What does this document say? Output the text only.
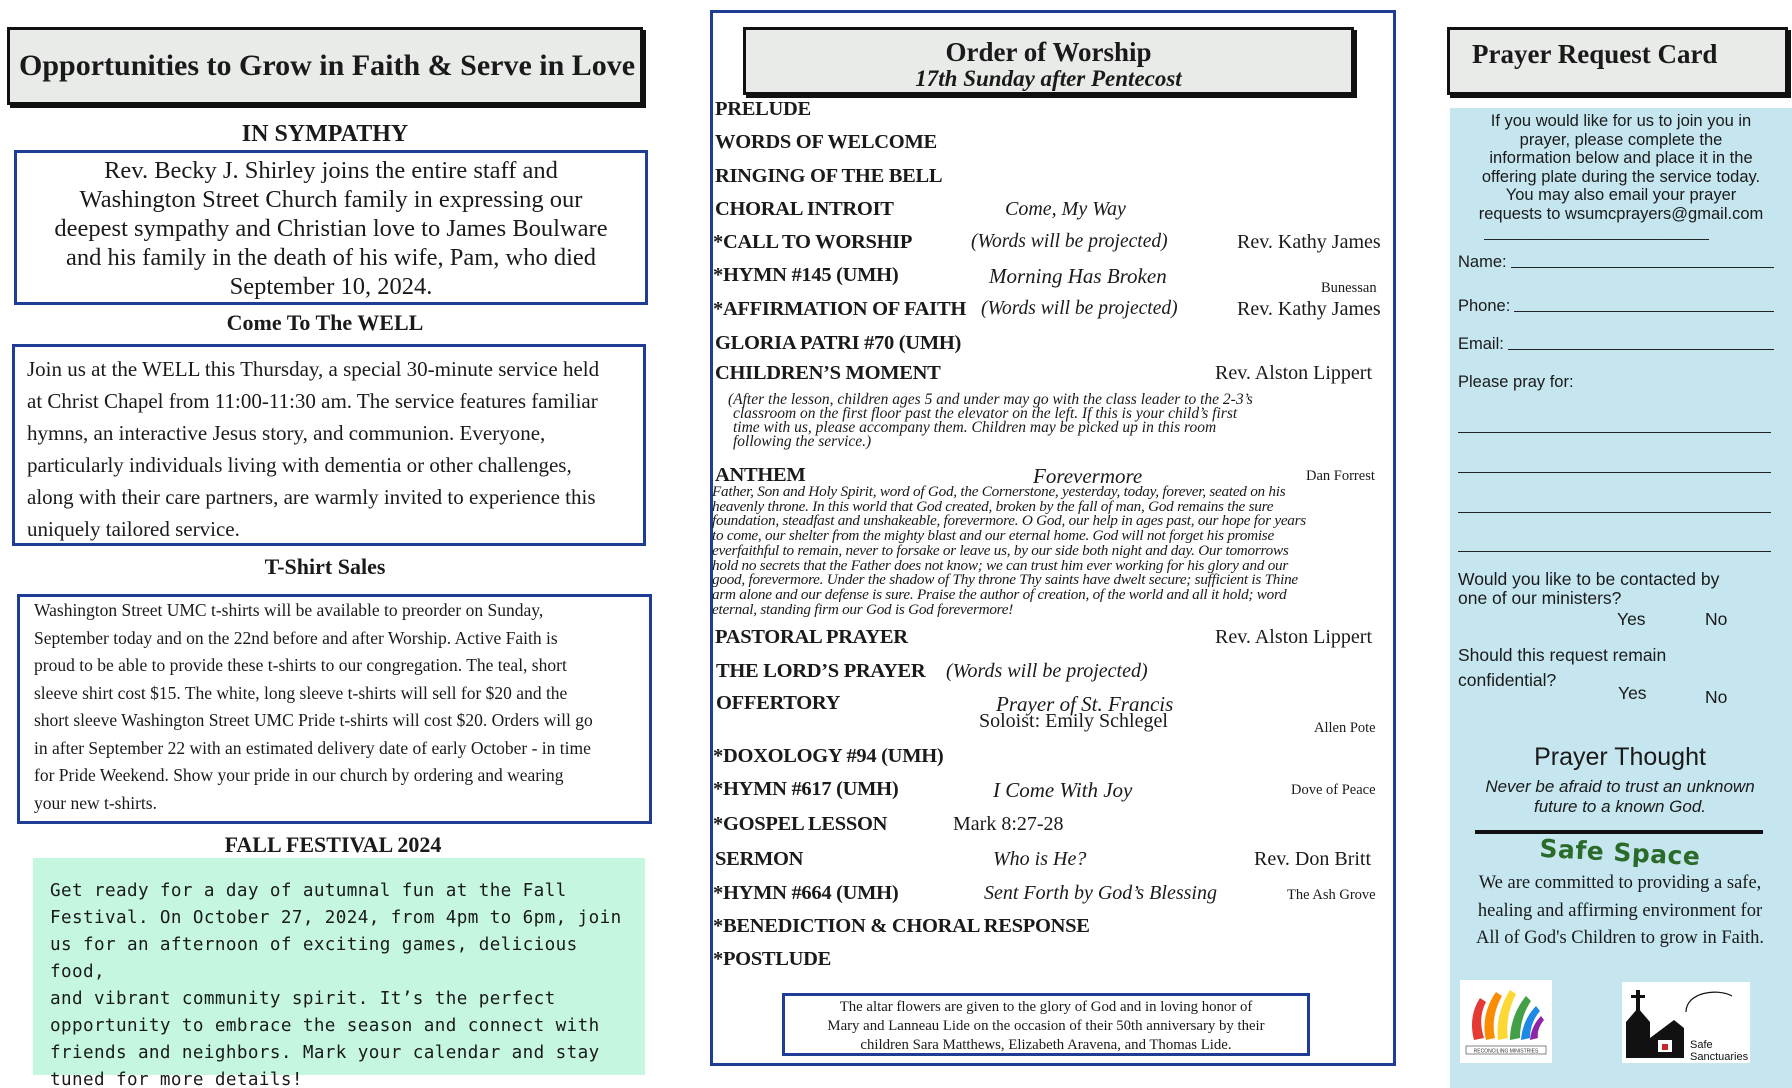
Opportunities to Grow in Faith & Serve in Love
IN SYMPATHY
Rev. Becky J. Shirley joins the entire staff and
Washington Street Church family in expressing our
deepest sympathy and Christian love to James Boulware
and his family in the death of his wife, Pam, who died
September 10, 2024.
Come To The WELL
Join us at the WELL this Thursday, a special 30-minute service held
at Christ Chapel from 11:00-11:30 am. The service features familiar
hymns, an interactive Jesus story, and communion. Everyone,
particularly individuals living with dementia or other challenges,
along with their care partners, are warmly invited to experience this
uniquely tailored service.
T-Shirt Sales
Washington Street UMC t-shirts will be available to preorder on Sunday,
September today and on the 22nd before and after Worship. Active Faith is
proud to be able to provide these t-shirts to our congregation. The teal, short
sleeve shirt cost $15. The white, long sleeve t-shirts will sell for $20 and the
short sleeve Washington Street UMC Pride t-shirts will cost $20. Orders will go
in after September 22 with an estimated delivery date of early October - in time
for Pride Weekend. Show your pride in our church by ordering and wearing
your new t-shirts.
FALL FESTIVAL 2024
Get ready for a day of autumnal fun at the Fall
Festival. On October 27, 2024, from 4pm to 6pm, join
us for an afternoon of exciting games, delicious food,
and vibrant community spirit. It’s the perfect
opportunity to embrace the season and connect with
friends and neighbors. Mark your calendar and stay
tuned for more details!
Order of Worship
17th Sunday after Pentecost
PRELUDE
WORDS OF WELCOME
RINGING OF THE BELL
CHORAL INTROIT	Come, My Way
*CALL TO WORSHIP	(Words will be projected)	Rev. Kathy James
*HYMN #145 (UMH)	Morning Has Broken	Bunessan
*AFFIRMATION OF FAITH (Words will be projected)	Rev. Kathy James
GLORIA PATRI #70 (UMH)
CHILDREN’S MOMENT	Rev. Alston Lippert
(After the lesson, children ages 5 and under may go with the class leader to the 2-3’s
classroom on the first floor past the elevator on the left. If this is your child’s first
time with us, please accompany them. Children may be picked up in this room
following the service.)
ANTHEM	Forevermore	Dan Forrest
Father, Son and Holy Spirit, word of God, the Cornerstone, yesterday, today, forever, seated on his
heavenly throne. In this world that God created, broken by the fall of man, God remains the sure
foundation, steadfast and unshakeable, forevermore. O God, our help in ages past, our hope for years
to come, our shelter from the mighty blast and our eternal home. God will not forget his promise
everfaithful to remain, never to forsake or leave us, by our side both night and day. Our tomorrows
hold no secrets that the Father does not know; we can trust him ever working for his glory and our
good, forevermore. Under the shadow of Thy throne Thy saints have dwelt secure; sufficient is Thine
arm alone and our defense is sure. Praise the author of creation, of the world and all it hold; word
eternal, standing firm our God is God forevermore!
PASTORAL PRAYER	Rev. Alston Lippert
THE LORD’S PRAYER (Words will be projected)
OFFERTORY	Prayer of St. Francis
Soloist: Emily Schlegel	Allen Pote
*DOXOLOGY #94 (UMH)
*HYMN #617 (UMH)	I Come With Joy	Dove of Peace
*GOSPEL LESSON	Mark 8:27-28
SERMON	Who is He?	Rev. Don Britt
*HYMN #664 (UMH)	Sent Forth by God’s Blessing	The Ash Grove
*BENEDICTION & CHORAL RESPONSE
*POSTLUDE
The altar flowers are given to the glory of God and in loving honor of
Mary and Lanneau Lide on the occasion of their 50th anniversary by their
children Sara Matthews, Elizabeth Aravena, and Thomas Lide.
Prayer Request Card
If you would like for us to join you in
prayer, please complete the
information below and place it in the
offering plate during the service today.
You may also email your prayer
requests to wsumcprayers@gmail.com
___________________________
Name:
Phone:
Email:
Please pray for:
Would you like to be contacted by
one of our ministers?
Yes	No
Should this request remain
confidential?
Yes	No
Prayer Thought
Never be afraid to trust an unknown
future to a known God.
Safe Space
We are committed to providing a safe,
healing and affirming environment for
All of God's Children to grow in Faith.
RECONCILING MINISTRIES
Safe
Sanctuaries
